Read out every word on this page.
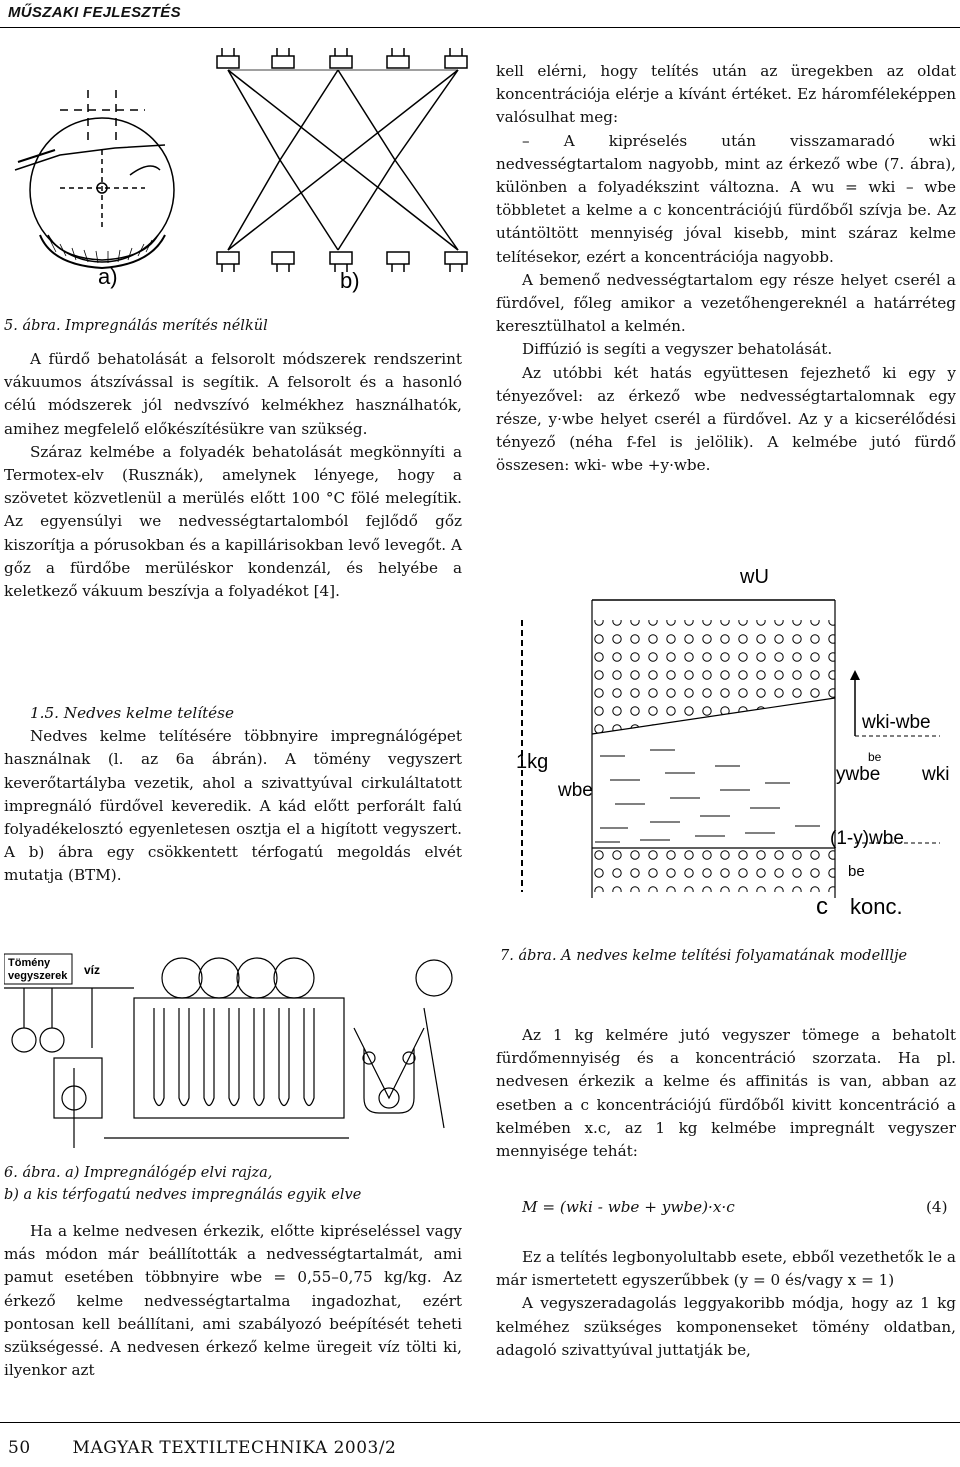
MŰSZAKI FEJLESZTÉS
a)	b)
5. ábra. Impregnálás merítés nélkül

A fürdő behatolását a felsorolt módszerek rendszerint vákuumos átszívással is segítik. A felsorolt és a hasonló célú módszerek jól nedvszívó kelmékhez használhatók, amihez megfelelő előkészítésükre van szükség.

Száraz kelmébe a folyadék behatolását megkönnyíti a Termotex-elv (Rusznák), amelynek lényege, hogy a szövetet közvetlenül a merülés előtt 100 °C fölé melegítik. Az egyensúlyi we nedvességtartalomból fejlődő gőz kiszorítja a pórusokban és a kapillárisokban levő levegőt. A gőz a fürdőbe merüléskor kondenzál, és helyébe a keletkező vákuum beszívja a folyadékot [4].

1.5. Nedves kelme telítése

Nedves kelme telítésére többnyire impregnálógépet használnak (l. az 6a ábrán). A tömény vegyszert keverőtartályba vezetik, ahol a szivattyúval cirkuláltatott impregnáló fürdővel keveredik. A kád előtt perforált falú folyadékelosztó egyenletesen osztja el a higított vegyszert. A b) ábra egy csökkentett térfogatú megoldás elvét mutatja (BTM).

Tömény
vegyszerek víz
6. ábra. a) Impregnálógép elvi rajza,
b) a kis térfogatú nedves impregnálás egyik elve

Ha a kelme nedvesen érkezik, előtte kipréseléssel vagy más módon már beállították a nedvességtartalmát, ami pamut esetében többnyire wbe = 0,55–0,75 kg/kg. Az érkező kelme nedvességtartalma ingadozhat, ezért pontosan kell beállítani, ami szabályozó beépítését teheti szükségessé. A nedvesen érkező kelme üregeit víz tölti ki, ilyenkor azt

kell elérni, hogy telítés után az üregekben az oldat koncentrációja elérje a kívánt értéket. Ez háromféleképpen valósulhat meg:

– A kipréselés után visszamaradó wki nedvességtartalom nagyobb, mint az érkező wbe (7. ábra), különben a folyadékszint változna. A wu = wki – wbe többletet a kelme a c koncentrációjú fürdőből szívja be. Az utántöltött mennyiség jóval kisebb, mint száraz kelme telítésekor, ezért a koncentrációja nagyobb.

A bemenő nedvességtartalom egy része helyet cserél a fürdővel, főleg amikor a vezetőhengereknél a határréteg keresztülhatol a kelmén.

Diffúzió is segíti a vegyszer behatolását.

Az utóbbi két hatás együttesen fejezhető ki egy y tényezővel: az érkező wbe nedvességtartalomnak egy része, y·wbe helyet cserél a fürdővel. Az y a kicserélődési tényező (néha f-fel is jelölik). A kelmébe jutó fürdő összesen: wki- wbe +y·wbe.

wU
wki-wbe
1kg
wbe
be
ywbe wki
(1-y)wbe
be
c konc.
7. ábra. A nedves kelme telítési folyamatának modelllje

Az 1 kg kelmére jutó vegyszer tömege a behatolt fürdőmennyiség és a koncentráció szorzata. Ha pl. nedvesen érkezik a kelme és affinitás is van, abban az esetben a c koncentrációjú fürdőből kivitt koncentráció a kelmében x.c, az 1 kg kelmébe impregnált vegyszer mennyisége tehát:

M = (wki - wbe + ywbe)·x·c	(4)

Ez a telítés legbonyolultabb esete, ebből vezethetők le a már ismertetett egyszerűbbek (y = 0 és/vagy x = 1)

A vegyszeradagolás leggyakoribb módja, hogy az 1 kg kelméhez szükséges komponenseket tömény oldatban, adagoló szivattyúval juttatják be,

50 MAGYAR TEXTILTECHNIKA 2003/2
